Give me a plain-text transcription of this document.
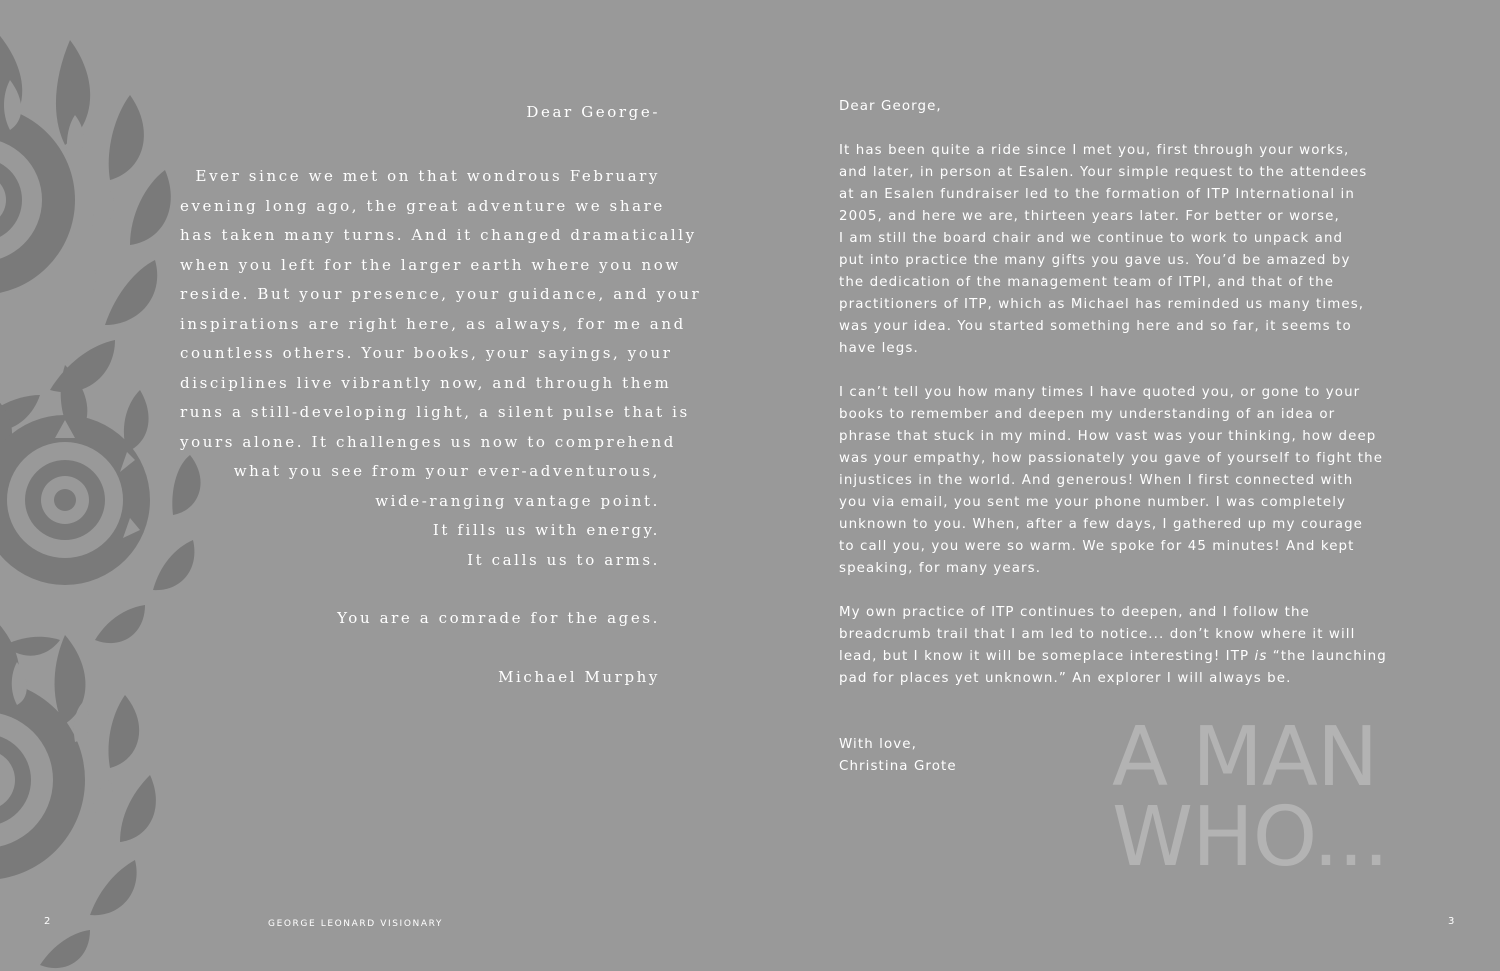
Dear George-

Ever since we met on that wondrous February
evening long ago, the great adventure we share
has taken many turns. And it changed dramatically
when you left for the larger earth where you now
reside. But your presence, your guidance, and your
inspirations are right here, as always, for me and
countless others. Your books, your sayings, your
disciplines live vibrantly now, and through them
runs a still-developing light, a silent pulse that is
yours alone. It challenges us now to comprehend
what you see from your ever-adventurous,
wide-ranging vantage point.
It fills us with energy.
It calls us to arms.
You are a comrade for the ages.
Michael Murphy
Dear George,
It has been quite a ride since I met you, first through your works,
and later, in person at Esalen. Your simple request to the attendees
at an Esalen fundraiser led to the formation of ITP International in
2005, and here we are, thirteen years later. For better or worse,
I am still the board chair and we continue to work to unpack and
put into practice the many gifts you gave us. You’d be amazed by
the dedication of the management team of ITPI, and that of the
practitioners of ITP, which as Michael has reminded us many times,
was your idea. You started something here and so far, it seems to
have legs.
I can’t tell you how many times I have quoted you, or gone to your
books to remember and deepen my understanding of an idea or
phrase that stuck in my mind. How vast was your thinking, how deep
was your empathy, how passionately you gave of yourself to fight the
injustices in the world. And generous! When I first connected with
you via email, you sent me your phone number. I was completely
unknown to you. When, after a few days, I gathered up my courage
to call you, you were so warm. We spoke for 45 minutes! And kept
speaking, for many years.
My own practice of ITP continues to deepen, and I follow the
breadcrumb trail that I am led to notice... don’t know where it will
lead, but I know it will be someplace interesting! ITP is “the launching
pad for places yet unknown.” An explorer I will always be.
With love,
Christina Grote	A MAN
WHO...
2	GEORGE LEONARD VISIONARY	3
